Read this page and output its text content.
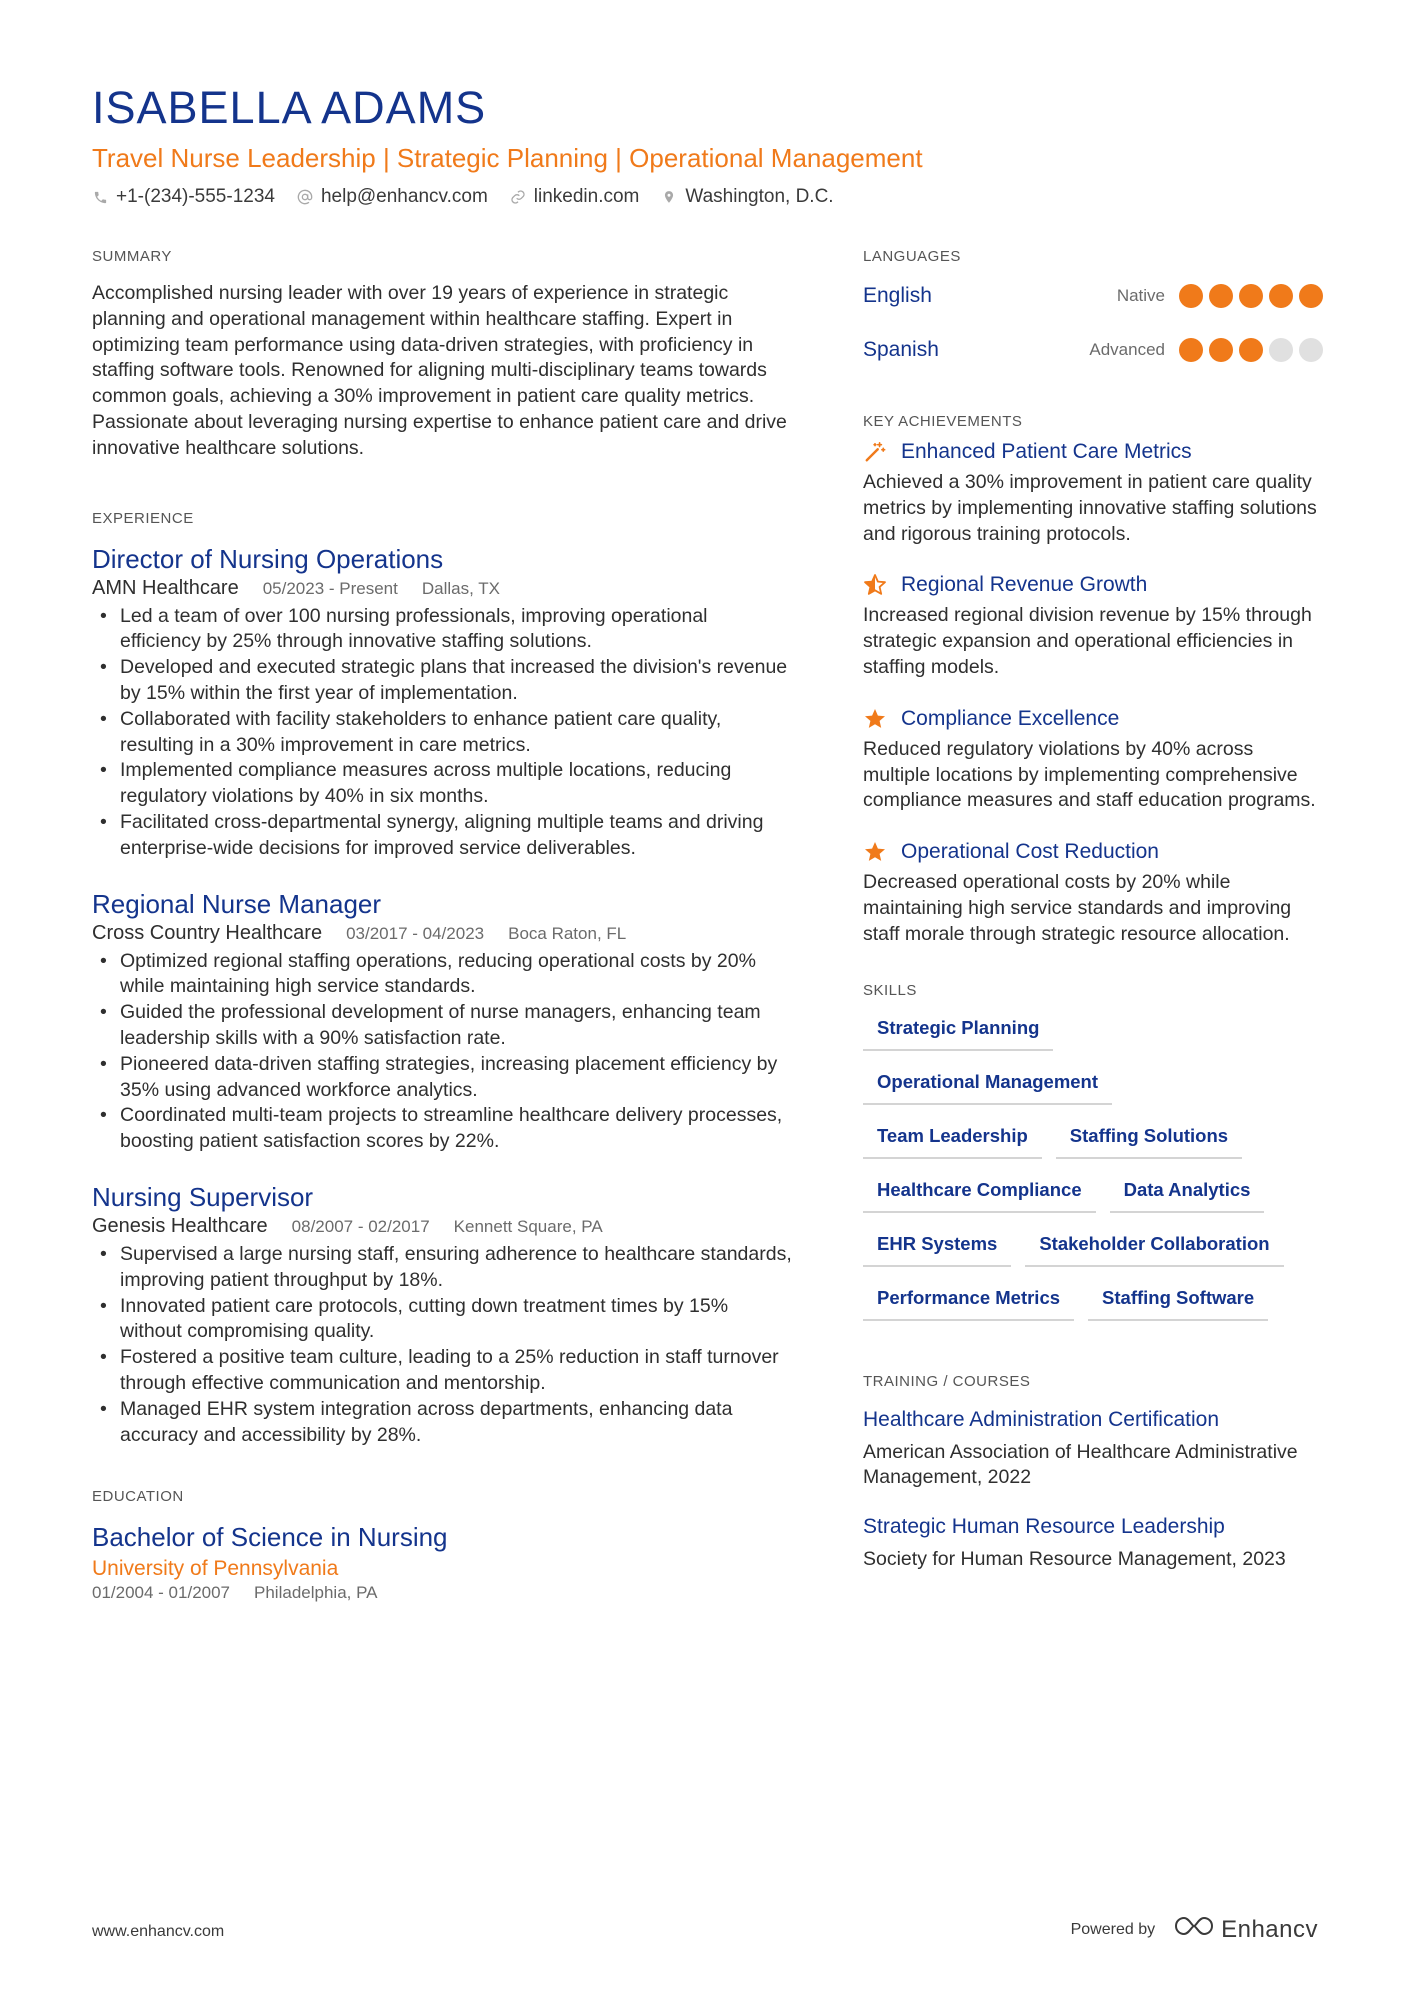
ISABELLA ADAMS
Travel Nurse Leadership | Strategic Planning | Operational Management
+1-(234)-555-1234 help@enhancv.com linkedin.com Washington, D.C.
SUMMARY
Accomplished nursing leader with over 19 years of experience in strategic planning and operational management within healthcare staffing. Expert in optimizing team performance using data-driven strategies, with proficiency in staffing software tools. Renowned for aligning multi-disciplinary teams towards common goals, achieving a 30% improvement in patient care quality metrics. Passionate about leveraging nursing expertise to enhance patient care and drive innovative healthcare solutions.
EXPERIENCE
Director of Nursing Operations
AMN Healthcare 05/2023 - Present Dallas, TX
• Led a team of over 100 nursing professionals, improving operational efficiency by 25% through innovative staffing solutions.
• Developed and executed strategic plans that increased the division's revenue by 15% within the first year of implementation.
• Collaborated with facility stakeholders to enhance patient care quality, resulting in a 30% improvement in care metrics.
• Implemented compliance measures across multiple locations, reducing regulatory violations by 40% in six months.
• Facilitated cross-departmental synergy, aligning multiple teams and driving enterprise-wide decisions for improved service deliverables.
Regional Nurse Manager
Cross Country Healthcare 03/2017 - 04/2023 Boca Raton, FL
• Optimized regional staffing operations, reducing operational costs by 20% while maintaining high service standards.
• Guided the professional development of nurse managers, enhancing team leadership skills with a 90% satisfaction rate.
• Pioneered data-driven staffing strategies, increasing placement efficiency by 35% using advanced workforce analytics.
• Coordinated multi-team projects to streamline healthcare delivery processes, boosting patient satisfaction scores by 22%.
Nursing Supervisor
Genesis Healthcare 08/2007 - 02/2017 Kennett Square, PA
• Supervised a large nursing staff, ensuring adherence to healthcare standards, improving patient throughput by 18%.
• Innovated patient care protocols, cutting down treatment times by 15% without compromising quality.
• Fostered a positive team culture, leading to a 25% reduction in staff turnover through effective communication and mentorship.
• Managed EHR system integration across departments, enhancing data accuracy and accessibility by 28%.
EDUCATION
Bachelor of Science in Nursing
University of Pennsylvania
01/2004 - 01/2007 Philadelphia, PA
LANGUAGES
English	Native
Spanish	Advanced
KEY ACHIEVEMENTS
Enhanced Patient Care Metrics
Achieved a 30% improvement in patient care quality metrics by implementing innovative staffing solutions and rigorous training protocols.
Regional Revenue Growth
Increased regional division revenue by 15% through strategic expansion and operational efficiencies in staffing models.
Compliance Excellence
Reduced regulatory violations by 40% across multiple locations by implementing comprehensive compliance measures and staff education programs.
Operational Cost Reduction
Decreased operational costs by 20% while maintaining high service standards and improving staff morale through strategic resource allocation.
SKILLS
Strategic Planning
Operational Management
Team Leadership	Staffing Solutions
Healthcare Compliance	Data Analytics
EHR Systems	Stakeholder Collaboration
Performance Metrics	Staffing Software
TRAINING / COURSES
Healthcare Administration Certification
American Association of Healthcare Administrative Management, 2022
Strategic Human Resource Leadership
Society for Human Resource Management, 2023
www.enhancv.com	Powered by	Enhancv
